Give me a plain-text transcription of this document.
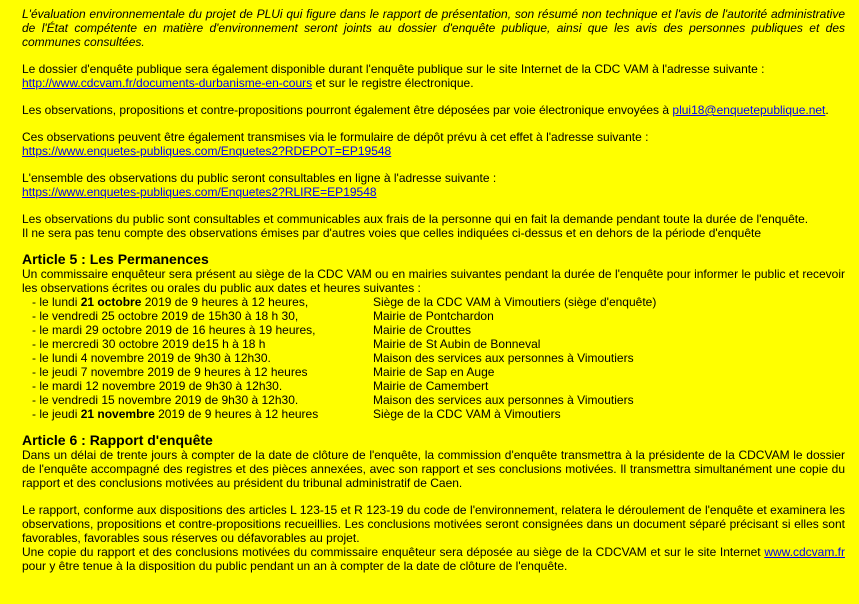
L'évaluation environnementale du projet de PLUi qui figure dans le rapport de présentation, son résumé non technique et l'avis de l'autorité administrative de l'État compétente en matière d'environnement seront joints au dossier d'enquête publique, ainsi que les avis des personnes publiques et des communes consultées.

Le dossier d'enquête publique sera également disponible durant l'enquête publique sur le site Internet de la CDC VAM à l'adresse suivante :
http://www.cdcvam.fr/documents-durbanisme-en-cours et sur le registre électronique.

Les observations, propositions et contre-propositions pourront également être déposées par voie électronique envoyées à plui18@enquetepublique.net.

Ces observations peuvent être également transmises via le formulaire de dépôt prévu à cet effet à l'adresse suivante :
https://www.enquetes-publiques.com/Enquetes2?RDEPOT=EP19548

L'ensemble des observations du public seront consultables en ligne à l'adresse suivante :
https://www.enquetes-publiques.com/Enquetes2?RLIRE=EP19548

Les observations du public sont consultables et communicables aux frais de la personne qui en fait la demande pendant toute la durée de l'enquête.
Il ne sera pas tenu compte des observations émises par d'autres voies que celles indiquées ci-dessus et en dehors de la période d'enquête

Article 5 : Les Permanences

Un commissaire enquêteur sera présent au siège de la CDC VAM ou en mairies suivantes pendant la durée de l'enquête pour informer le public et recevoir les observations écrites ou orales du public aux dates et heures suivantes :

- le lundi 21 octobre 2019 de 9 heures à 12 heures,	Siège de la CDC VAM à Vimoutiers (siège d'enquête)
- le vendredi 25 octobre 2019 de 15h30 à 18 h 30,	Mairie de Pontchardon
- le mardi 29 octobre 2019 de 16 heures à 19 heures,	Mairie de Crouttes
- le mercredi 30 octobre 2019 de15 h à 18 h	Mairie de St Aubin de Bonneval
- le lundi 4 novembre 2019 de 9h30 à 12h30.	Maison des services aux personnes à Vimoutiers
- le jeudi 7 novembre 2019 de 9 heures à 12 heures	Mairie de Sap en Auge
- le mardi 12 novembre 2019 de 9h30 à 12h30.	Mairie de Camembert
- le vendredi 15 novembre 2019 de 9h30 à 12h30.	Maison des services aux personnes à Vimoutiers
- le jeudi 21 novembre 2019 de 9 heures à 12 heures	Siège de la CDC VAM à Vimoutiers
Article 6 : Rapport d'enquête

Dans un délai de trente jours à compter de la date de clôture de l'enquête, la commission d'enquête transmettra à la présidente de la CDCVAM le dossier de l'enquête accompagné des registres et des pièces annexées, avec son rapport et ses conclusions motivées. Il transmettra simultanément une copie du rapport et des conclusions motivées au président du tribunal administratif de Caen.

Le rapport, conforme aux dispositions des articles L 123-15 et R 123-19 du code de l'environnement, relatera le déroulement de l'enquête et examinera les observations, propositions et contre-propositions recueillies. Les conclusions motivées seront consignées dans un document séparé précisant si elles sont favorables, favorables sous réserves ou défavorables au projet.

Une copie du rapport et des conclusions motivées du commissaire enquêteur sera déposée au siège de la CDCVAM et sur le site Internet www.cdcvam.fr pour y être tenue à la disposition du public pendant un an à compter de la date de clôture de l'enquête.
